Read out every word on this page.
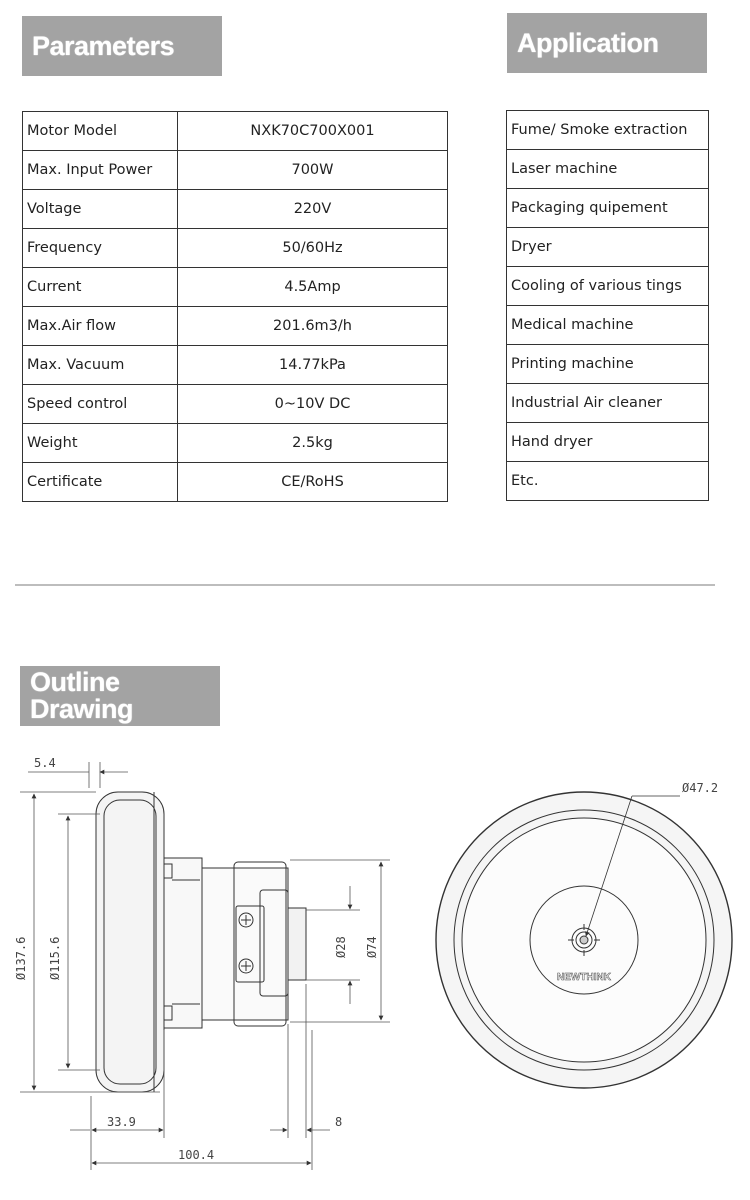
Parameters	Application
Motor Model	NXK70C700X001
Max. Input Power	700W
Voltage	220V
Frequency	50/60Hz
Current	4.5Amp
Max.Air flow	201.6m3/h
Max. Vacuum	14.77kPa
Speed control	0~10V DC
Weight	2.5kg
Certificate	CE/RoHS
Fume/ Smoke extraction
Laser machine
Packaging quipement
Dryer
Cooling of various tings
Medical machine
Printing machine
Industrial Air cleaner
Hand dryer
Etc.
Outline Drawing
5.4
Ø137.6 Ø115.6	Ø28 Ø74
33.9	8
100.4
Ø47.2
NEWTHINK
